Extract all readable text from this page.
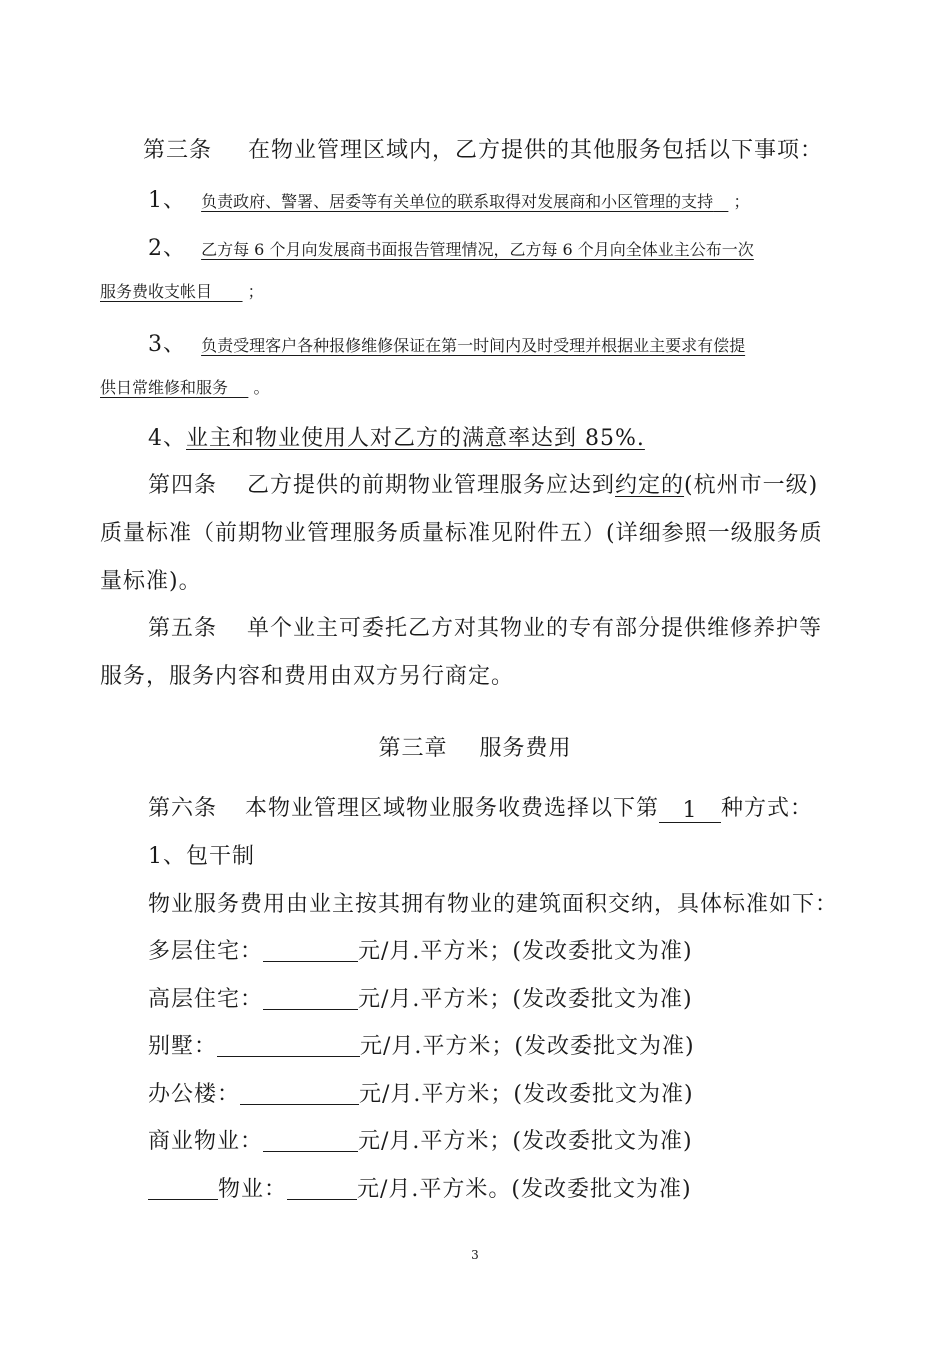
第三条 在物业管理区域内，乙方提供的其他服务包括以下事项：
1、 负责政府、警署、居委等有关单位的联系取得对发展商和小区管理的支持 ；
2、 乙方每 6 个月向发展商书面报告管理情况，乙方每 6 个月向全体业主公布一次
服务费收支帐目 ；
3、 负责受理客户各种报修维修保证在第一时间内及时受理并根据业主要求有偿提
供日常维修和服务 。
4、业主和物业使用人对乙方的满意率达到 85%.
第四条 乙方提供的前期物业管理服务应达到约定的(杭州市一级)
质量标准（前期物业管理服务质量标准见附件五）(详细参照一级服务质
量标准)。
第五条 单个业主可委托乙方对其物业的专有部分提供维修养护等
服务，服务内容和费用由双方另行商定。
第三章 服务费用
第六条 本物业管理区域物业服务收费选择以下第 1 种方式：
1、包干制
物业服务费用由业主按其拥有物业的建筑面积交纳，具体标准如下：
多层住宅：	元/月.平方米；(发改委批文为准)
高层住宅：	元/月.平方米；(发改委批文为准)
别墅：	元/月.平方米；(发改委批文为准)
办公楼：	元/月.平方米；(发改委批文为准)
商业物业：	元/月.平方米；(发改委批文为准)
物业：	元/月.平方米。(发改委批文为准)
3
